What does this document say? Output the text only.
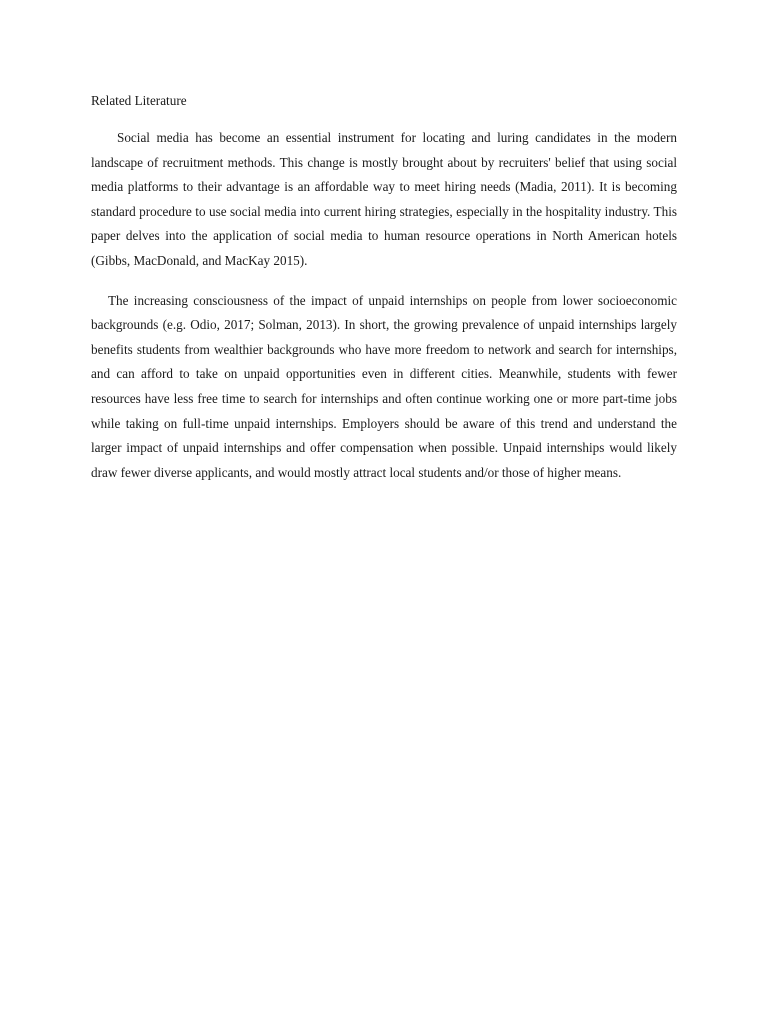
Related Literature

Social media has become an essential instrument for locating and luring candidates in the modern landscape of recruitment methods. This change is mostly brought about by recruiters' belief that using social media platforms to their advantage is an affordable way to meet hiring needs (Madia, 2011). It is becoming standard procedure to use social media into current hiring strategies, especially in the hospitality industry. This paper delves into the application of social media to human resource operations in North American hotels (Gibbs, MacDonald, and MacKay 2015).

The increasing consciousness of the impact of unpaid internships on people from lower socioeconomic backgrounds (e.g. Odio, 2017; Solman, 2013). In short, the growing prevalence of unpaid internships largely benefits students from wealthier backgrounds who have more freedom to network and search for internships, and can afford to take on unpaid opportunities even in different cities. Meanwhile, students with fewer resources have less free time to search for internships and often continue working one or more part-time jobs while taking on full-time unpaid internships. Employers should be aware of this trend and understand the larger impact of unpaid internships and offer compensation when possible. Unpaid internships would likely draw fewer diverse applicants, and would mostly attract local students and/or those of higher means.
